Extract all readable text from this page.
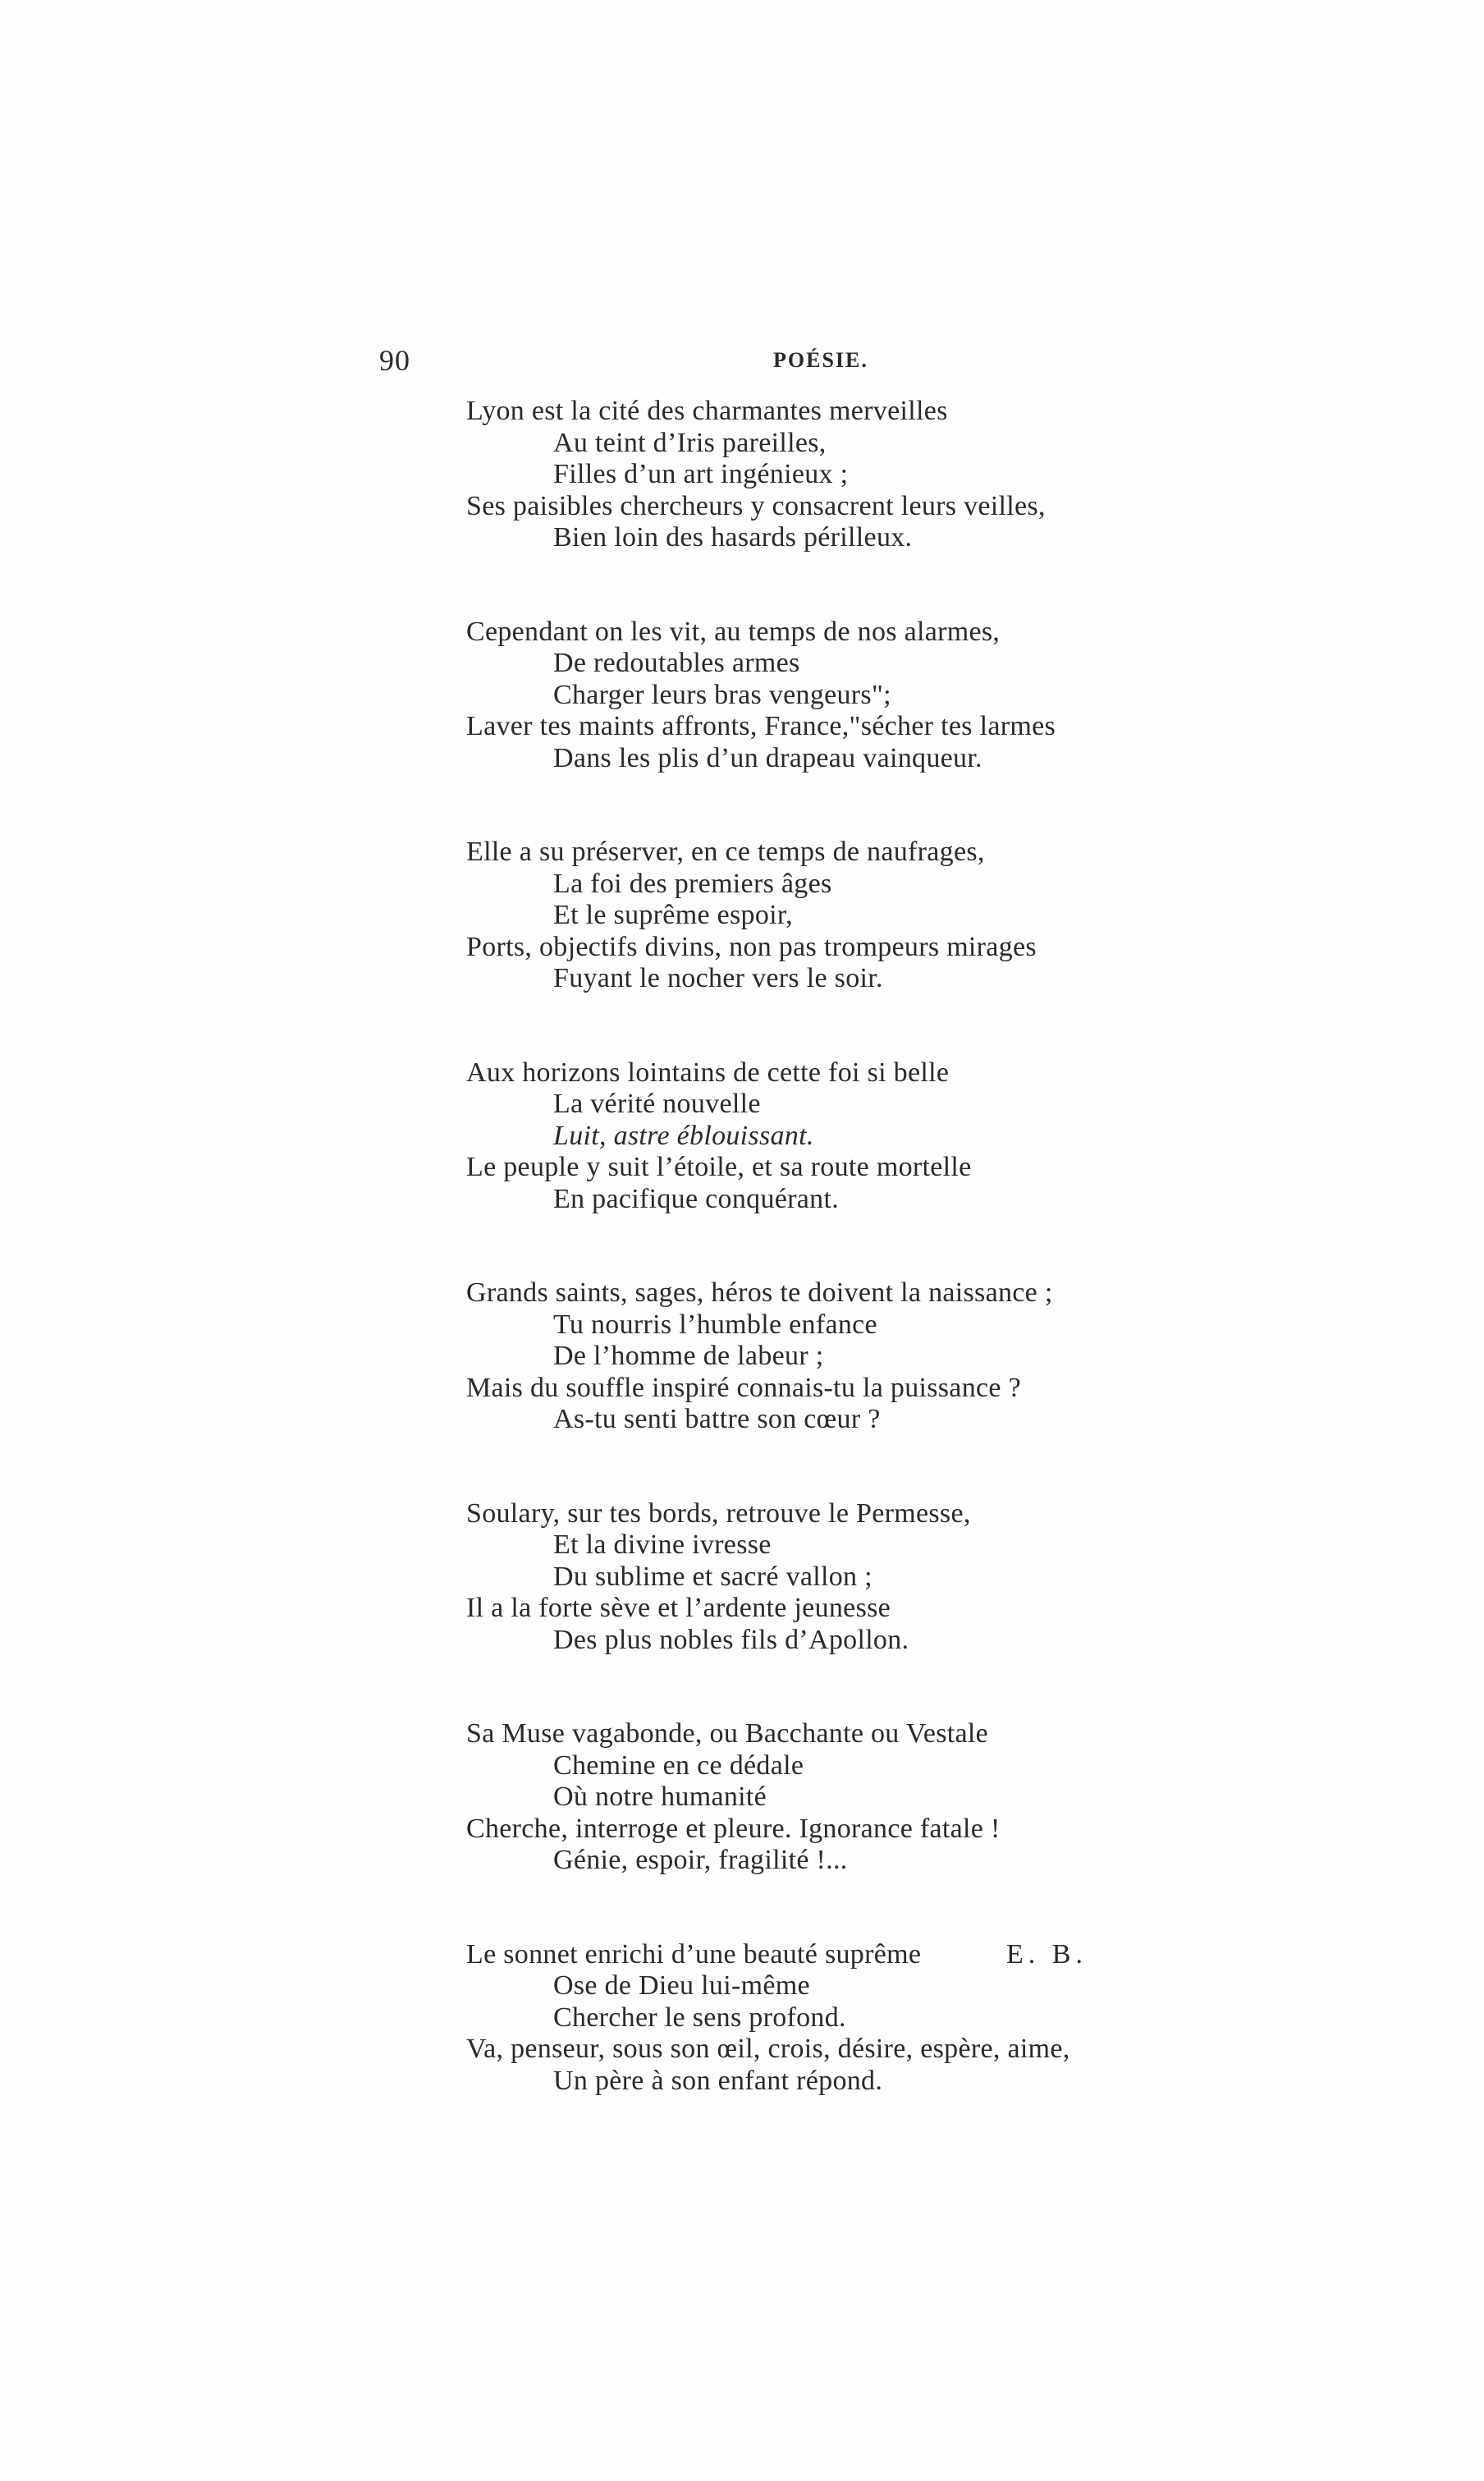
90	POÉSIE.
Lyon est la cité des charmantes merveilles
Au teint d’Iris pareilles,
Filles d’un art ingénieux ;
Ses paisibles chercheurs y consacrent leurs veilles,
Bien loin des hasards périlleux.
Cependant on les vit, au temps de nos alarmes,
De redoutables armes
Charger leurs bras vengeurs";
Laver tes maints affronts, France,"sécher tes larmes
Dans les plis d’un drapeau vainqueur.
Elle a su préserver, en ce temps de naufrages,
La foi des premiers âges
Et le suprême espoir,
Ports, objectifs divins, non pas trompeurs mirages
Fuyant le nocher vers le soir.
Aux horizons lointains de cette foi si belle
La vérité nouvelle
Luit, astre éblouissant.
Le peuple y suit l’étoile, et sa route mortelle
En pacifique conquérant.
Grands saints, sages, héros te doivent la naissance ;
Tu nourris l’humble enfance
De l’homme de labeur ;
Mais du souffle inspiré connais-tu la puissance ?
As-tu senti battre son cœur ?
Soulary, sur tes bords, retrouve le Permesse,
Et la divine ivresse
Du sublime et sacré vallon ;
Il a la forte sève et l’ardente jeunesse
Des plus nobles fils d’Apollon.
Sa Muse vagabonde, ou Bacchante ou Vestale
Chemine en ce dédale
Où notre humanité
Cherche, interroge et pleure. Ignorance fatale !
Génie, espoir, fragilité !...
Le sonnet enrichi d’une beauté suprême
Ose de Dieu lui-même
Chercher le sens profond.
Va, penseur, sous son œil, crois, désire, espère, aime,
Un père à son enfant répond.
E. B.
